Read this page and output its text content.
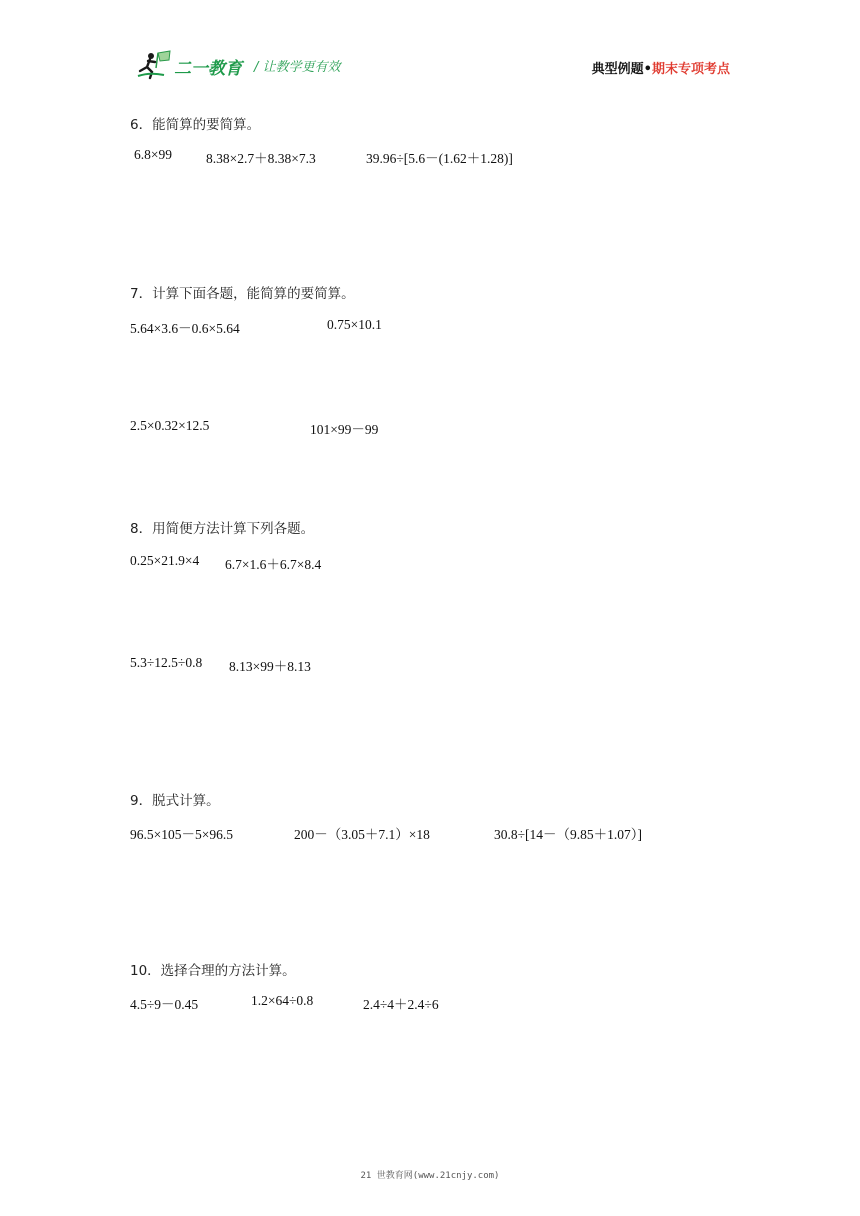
二一教育 / 让教学更有效	典型例题•期末专项考点
6．能简算的要简算。
6.8×99	8.38×2.7＋8.38×7.3	39.96÷[5.6－(1.62＋1.28)]
7．计算下面各题，能简算的要简算。
5.64×3.6－0.6×5.64	0.75×10.1
2.5×0.32×12.5	101×99－99
8．用简便方法计算下列各题。
0.25×21.9×4 6.7×1.6＋6.7×8.4
5.3÷12.5÷0.8 8.13×99＋8.13
9．脱式计算。
96.5×105－5×96.5	200－（3.05＋7.1）×18	30.8÷[14－（9.85＋1.07）]
10．选择合理的方法计算。
4.5÷9－0.45	1.2×64÷0.8	2.4÷4＋2.4÷6
21 世教育网(www.21cnjy.com)
